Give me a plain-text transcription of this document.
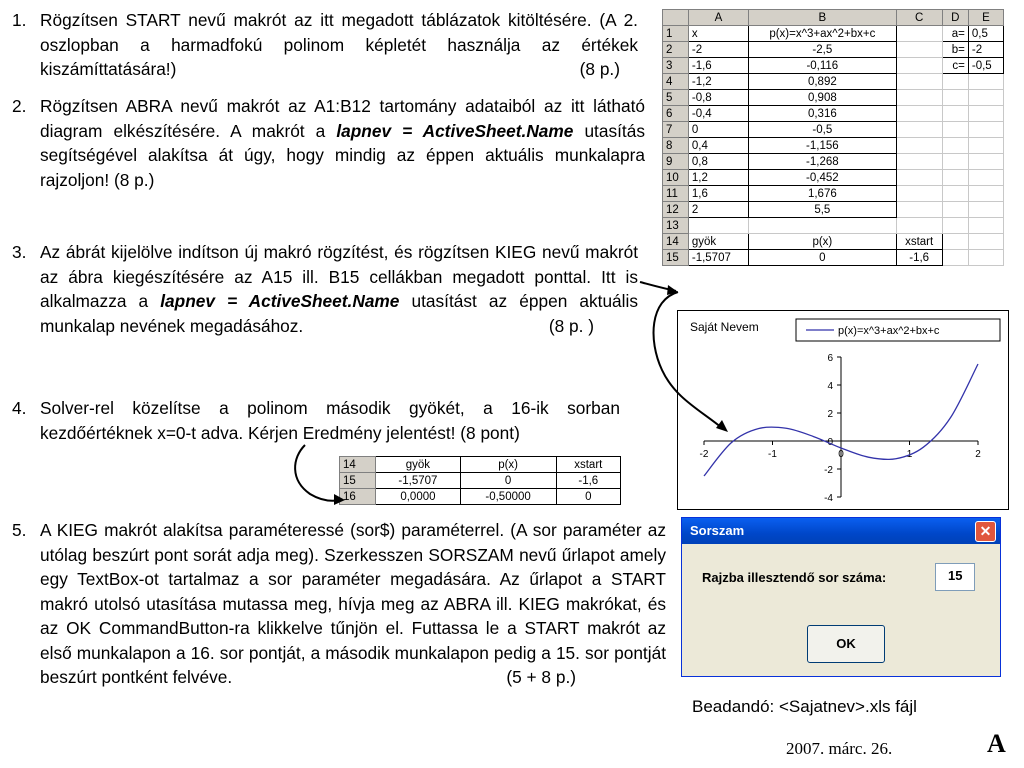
1. Rögzítsen START nevű makrót az itt megadott táblázatok kitöltésére. (A 2. oszlopban a harmadfokú polinom képletét használja az értékek kiszámíttatására!)	(8 p.)
2. Rögzítsen ABRA nevű makrót az A1:B12 tartomány adataiból az itt látható diagram elkészítésére. A makrót a lapnev = ActiveSheet.Name utasítás segítségével alakítsa át úgy, hogy mindig az éppen aktuális munkalapra rajzoljon! (8 p.)
3. Az ábrát kijelölve indítson új makró rögzítést, és rögzítsen KIEG nevű makrót az ábra kiegészítésére az A15 ill. B15 cellákban megadott ponttal. Itt is alkalmazza a lapnev = ActiveSheet.Name utasítást az éppen aktuális munkalap nevének megadásához.	(8 p. )
4. Solver-rel közelítse a polinom második gyökét, a 16-ik sorban kezdőértéknek x=0-t adva. Kérjen Eredmény jelentést! (8 pont)
5. A KIEG makrót alakítsa paraméteressé (sor$) paraméterrel. (A sor paraméter az utólag beszúrt pont sorát adja meg). Szerkesszen SORSZAM nevű űrlapot amely egy TextBox-ot tartalmaz a sor paraméter megadására. Az űrlapot a START makró utolsó utasítása mutassa meg, hívja meg az ABRA ill. KIEG makrókat, és az OK CommandButton-ra klikkelve tűnjön el. Futtassa le a START makrót az első munkalapon a 16. sor pontját, a második munkalapon pedig a 15. sor pontját beszúrt pontként felvéve.	(5 + 8 p.)
	A	B	C	D	E
1	x	p(x)=x^3+ax^2+bx+c		a=	0,5
2	-2	-2,5		b=	-2
3	-1,6	-0,116		c=	-0,5
4	-1,2	0,892			
5	-0,8	0,908			
6	-0,4	0,316			
7	0	-0,5			
8	0,4	-1,156			
9	0,8	-1,268			
10	1,2	-0,452			
11	1,6	1,676			
12	2	5,5			
13					
14	gyök	p(x)	xstart		
15	-1,5707	0	-1,6		
14	gyök	p(x)	xstart
15	-1,5707	0	-1,6
16	0,0000	-0,50000	0
Saját Nevem	p(x)=x^3+ax^2+bx+c
6
4
2
0
-2
-4
-2	-1	0	1	2
Sorszam	✕
Rajzba illesztendő sor száma:	15
OK
Beadandó: <Sajatnev>.xls fájl
2007. márc. 26.	A
